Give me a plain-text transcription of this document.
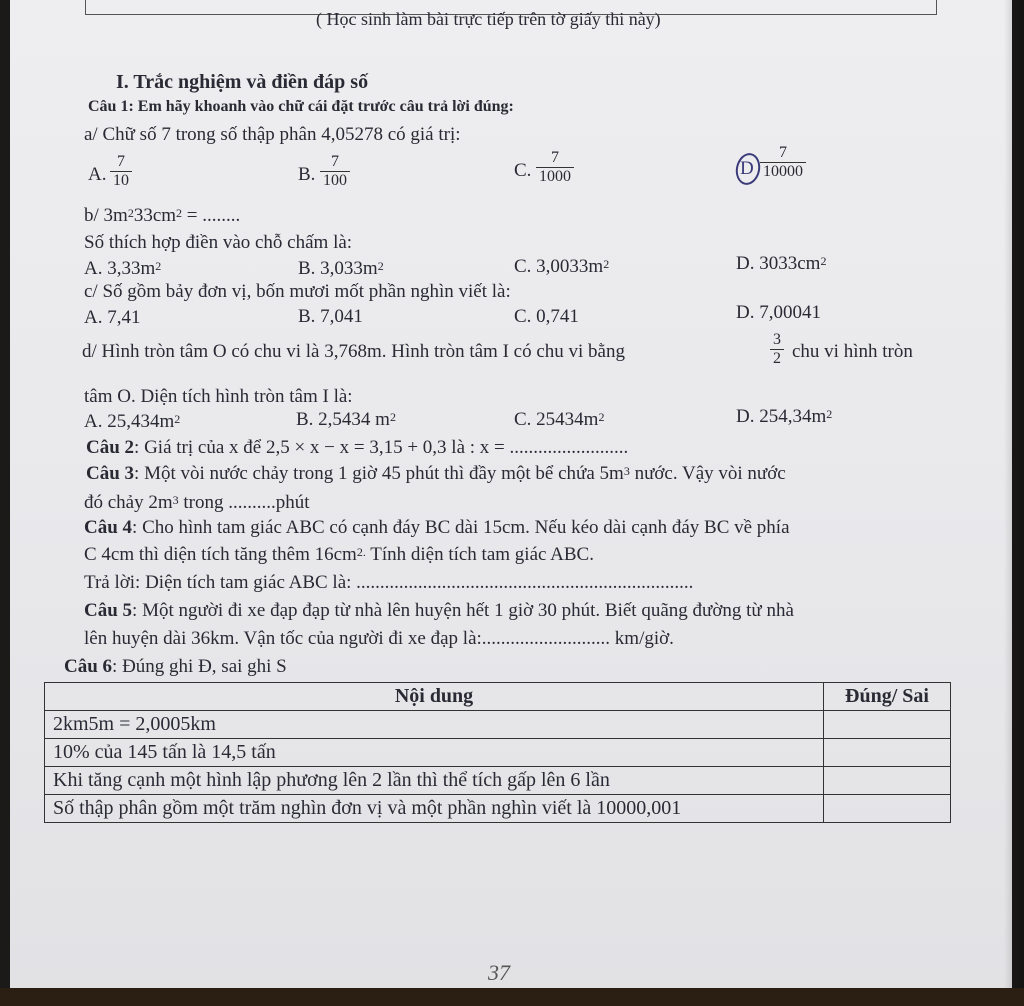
( Học sinh làm bài trực tiếp trên tờ giấy thi này)
I. Trắc nghiệm và điền đáp số
Câu 1: Em hãy khoanh vào chữ cái đặt trước câu trả lời đúng:
a/ Chữ số 7 trong số thập phân 4,05278 có giá trị:
A. $\frac{7}{10}$	B. $\frac{7}{100}$	C. $\frac{7}{1000}$	D $\frac{7}{10000}$
b/ $3m^233cm^2$ = ........
Số thích hợp điền vào chỗ chấm là:
A. $3,33m^2$	B. $3,033m^2$	C. $3,0033m^2$	D. $3033cm^2$
c/ Số gồm bảy đơn vị, bốn mươi mốt phần nghìn viết là:
A. 7,41	B. 7,041	C. 0,741	D. 7,00041
d/ Hình tròn tâm O có chu vi là 3,768m. Hình tròn tâm I có chu vi bằng	$\frac{3}{2}$ chu vi hình tròn
tâm O. Diện tích hình tròn tâm I là:
A. $25,434m^2$	B. 2,5434 $m^2$	C. $25434m^2$	D. $254,34m^2$
Câu 2: Giá trị của x để 2,5 × x − x = 3,15 + 0,3 là : x = .........................
Câu 3: Một vòi nước chảy trong 1 giờ 45 phút thì đầy một bể chứa $5m^3$ nước. Vậy vòi nước
đó chảy $2m^3$ trong ..........phút
Câu 4: Cho hình tam giác ABC có cạnh đáy BC dài 15cm. Nếu kéo dài cạnh đáy BC về phía
C 4cm thì diện tích tăng thêm $16cm^{2.}$ Tính diện tích tam giác ABC.
Trả lời: Diện tích tam giác ABC là: .......................................................................
Câu 5: Một người đi xe đạp đạp từ nhà lên huyện hết 1 giờ 30 phút. Biết quãng đường từ nhà
lên huyện dài 36km. Vận tốc của người đi xe đạp là:........................... km/giờ.
Câu 6: Đúng ghi Đ, sai ghi S
Nội dung	Đúng/ Sai
2km5m = 2,0005km	
10% của 145 tấn là 14,5 tấn	
Khi tăng cạnh một hình lập phương lên 2 lần thì thể tích gấp lên 6 lần	
Số thập phân gồm một trăm nghìn đơn vị và một phần nghìn viết là 10000,001	
37
